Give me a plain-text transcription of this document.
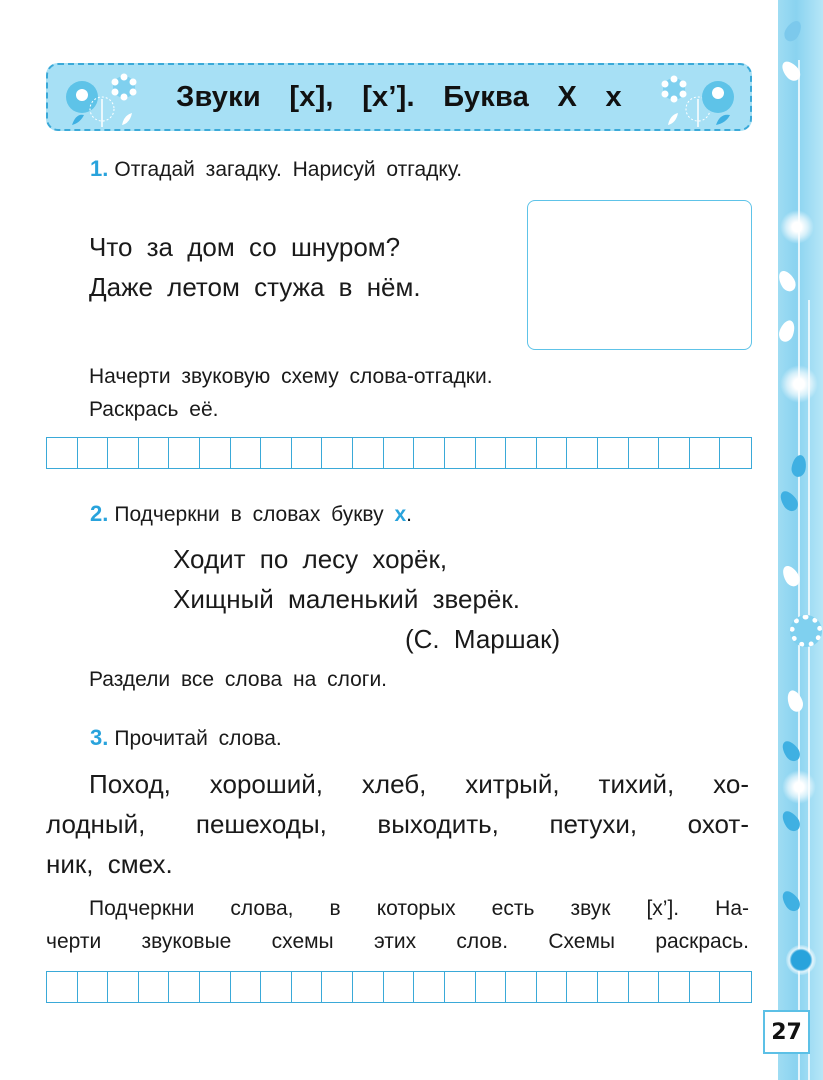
27
Звуки  [х],  [х’].  Буква  Х  х
1. Отгадай загадку. Нарисуй отгадку.
Что за дом со шнуром?
Даже летом стужа в нём.
Начерти звуковую схему слова-отгадки.
Раскрась её.
2. Подчеркни в словах букву х.
Ходит по лесу хорёк,
Хищный маленький зверёк.
(С. Маршак)
Раздели все слова на слоги.
3. Прочитай слова.
Поход, хороший, хлеб, хитрый, тихий, хо-
лодный, пешеходы, выходить, петухи, охот-
ник, смех.
Подчеркни слова, в которых есть звук [х’]. На-
черти звуковые схемы этих слов. Схемы раскрась.
